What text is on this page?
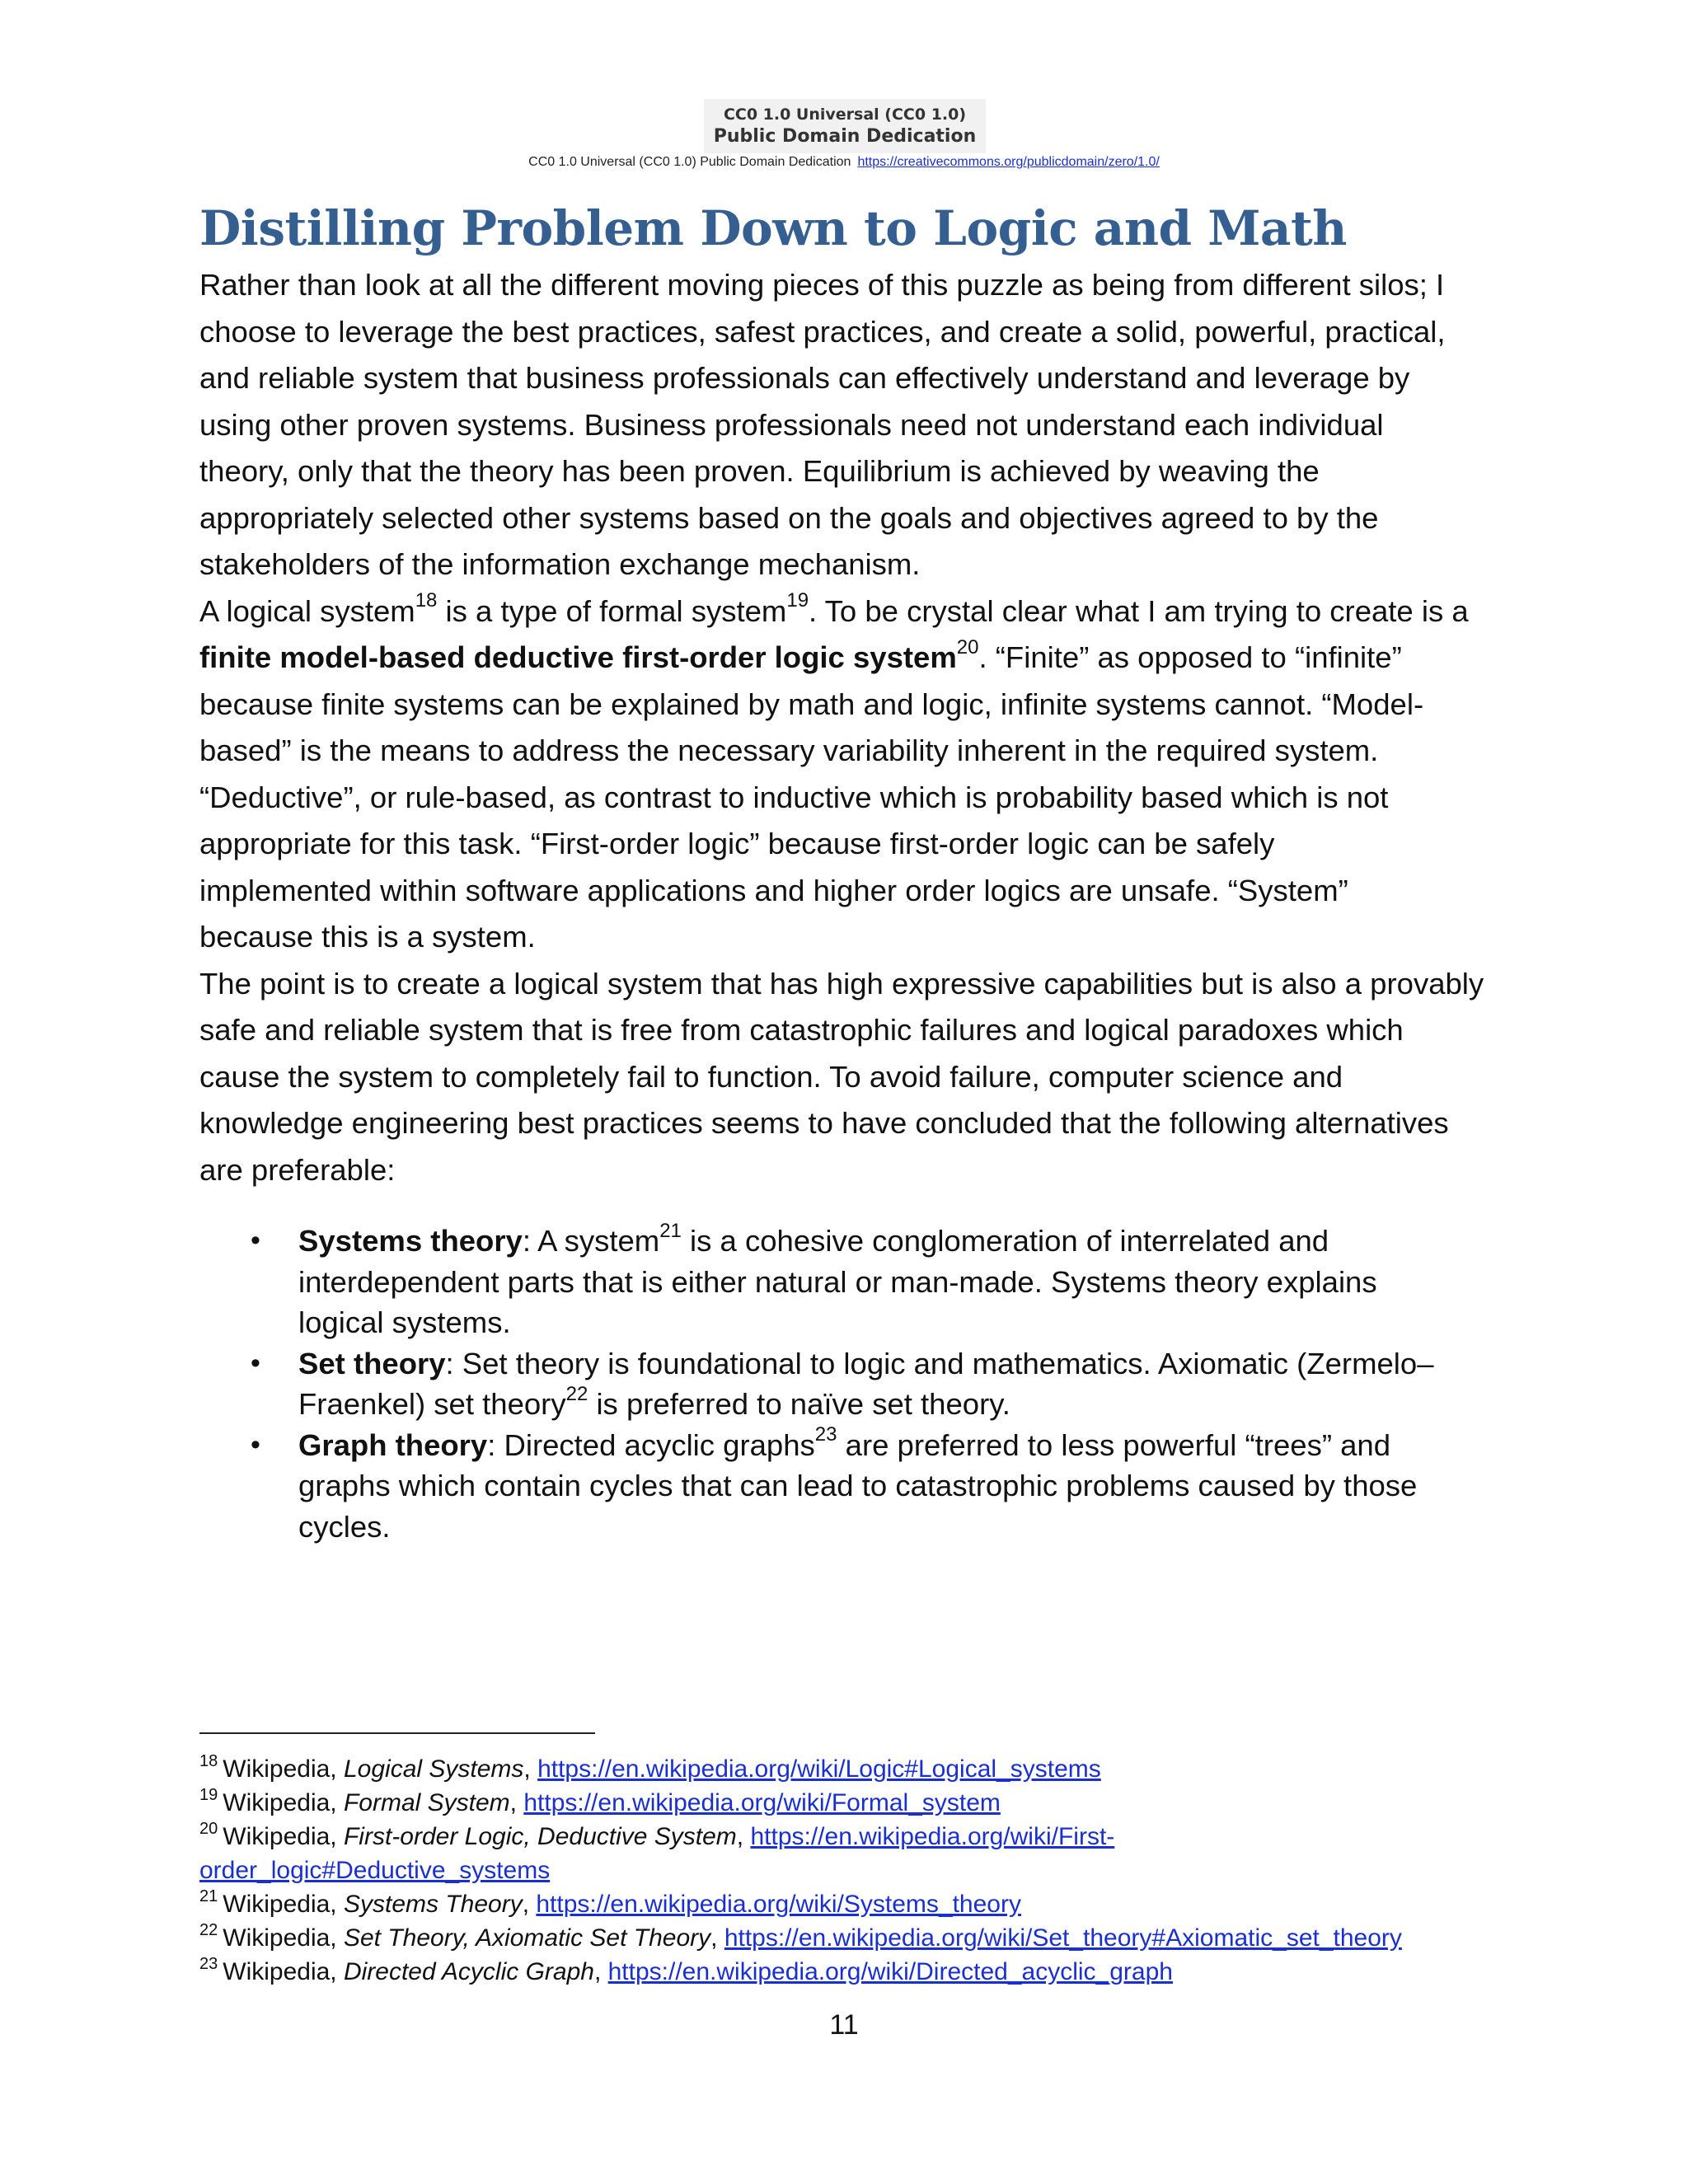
CC0 1.0 Universal (CC0 1.0)
Public Domain Dedication
CC0 1.0 Universal (CC0 1.0) Public Domain Dedication https://creativecommons.org/publicdomain/zero/1.0/
Distilling Problem Down to Logic and Math

Rather than look at all the different moving pieces of this puzzle as being from different silos; I
choose to leverage the best practices, safest practices, and create a solid, powerful, practical,
and reliable system that business professionals can effectively understand and leverage by
using other proven systems. Business professionals need not understand each individual
theory, only that the theory has been proven. Equilibrium is achieved by weaving the
appropriately selected other systems based on the goals and objectives agreed to by the
stakeholders of the information exchange mechanism.

A logical system$^{18}$ is a type of formal system$^{19}$. To be crystal clear what I am trying to create is a
finite model-based deductive first-order logic system$^{20}$. “Finite” as opposed to “infinite”
because finite systems can be explained by math and logic, infinite systems cannot. “Model-
based” is the means to address the necessary variability inherent in the required system.
“Deductive”, or rule-based, as contrast to inductive which is probability based which is not
appropriate for this task. “First-order logic” because first-order logic can be safely
implemented within software applications and higher order logics are unsafe. “System”
because this is a system.

The point is to create a logical system that has high expressive capabilities but is also a provably
safe and reliable system that is free from catastrophic failures and logical paradoxes which
cause the system to completely fail to function. To avoid failure, computer science and
knowledge engineering best practices seems to have concluded that the following alternatives
are preferable:

• Systems theory: A system$^{21}$ is a cohesive conglomeration of interrelated and
interdependent parts that is either natural or man-made. Systems theory explains
logical systems.
• Set theory: Set theory is foundational to logic and mathematics. Axiomatic (Zermelo–
Fraenkel) set theory$^{22}$ is preferred to naïve set theory.
• Graph theory: Directed acyclic graphs$^{23}$ are preferred to less powerful “trees” and
graphs which contain cycles that can lead to catastrophic problems caused by those
cycles.
$^{18}$ Wikipedia, Logical Systems, https://en.wikipedia.org/wiki/Logic#Logical_systems
$^{19}$ Wikipedia, Formal System, https://en.wikipedia.org/wiki/Formal_system
$^{20}$ Wikipedia, First-order Logic, Deductive System, https://en.wikipedia.org/wiki/First-
order_logic#Deductive_systems
$^{21}$ Wikipedia, Systems Theory, https://en.wikipedia.org/wiki/Systems_theory
$^{22}$ Wikipedia, Set Theory, Axiomatic Set Theory, https://en.wikipedia.org/wiki/Set_theory#Axiomatic_set_theory
$^{23}$ Wikipedia, Directed Acyclic Graph, https://en.wikipedia.org/wiki/Directed_acyclic_graph
11
